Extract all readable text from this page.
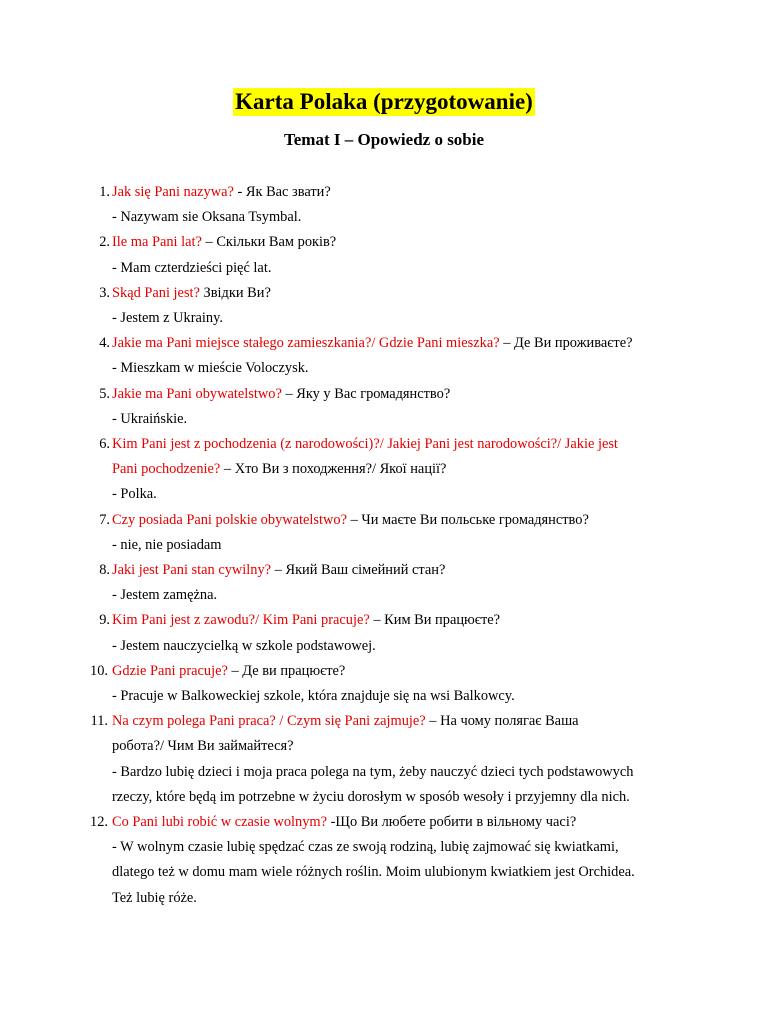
Karta Polaka (przygotowanie)
Temat I – Opowiedz o sobie
1. Jak się Pani nazywa? - Як Вас звати?
- Nazywam sie Oksana Tsymbal.
2. Ile ma Pani lat? – Скільки Вам років?
- Mam czterdzieści pięć lat.
3. Skąd Pani jest? Звідки Ви?
- Jestem z Ukrainy.
4. Jakie ma Pani miejsce stałego zamieszkania?/ Gdzie Pani mieszka? – Де Ви проживаєте?
- Mieszkam w mieście Voloczysk.
5. Jakie ma Pani obywatelstwo? – Яку у Вас громадянство?
- Ukraińskie.
6. Kim Pani jest z pochodzenia (z narodowości)?/ Jakiej Pani jest narodowości?/ Jakie jest
Pani pochodzenie? – Хто Ви з походження?/ Якої нації?
- Polka.
7. Czy posiada Pani polskie obywatelstwo? – Чи маєте Ви польське громадянство?
- nie, nie posiadam
8. Jaki jest Pani stan cywilny? – Який Ваш сімейний стан?
- Jestem zamężna.
9. Kim Pani jest z zawodu?/ Kim Pani pracuje? – Ким Ви працюєте?
- Jestem nauczycielką w szkole podstawowej.
10. Gdzie Pani pracuje? – Де ви працюєте?
- Pracuje w Balkoweckiej szkole, która znajduje się na wsi Balkowcy.
11. Na czym polega Pani praca? / Czym się Pani zajmuje? – На чому полягає Ваша
робота?/ Чим Ви займайтеся?
- Bardzo lubię dzieci i moja praca polega na tym, żeby nauczyć dzieci tych podstawowych
rzeczy, które będą im potrzebne w życiu dorosłym w sposób wesoły i przyjemny dla nich.
12. Co Pani lubi robić w czasie wolnym? -Що Ви любете робити в вільному часі?
- W wolnym czasie lubię spędzać czas ze swoją rodziną, lubię zajmować się kwiatkami,
dlatego też w domu mam wiele różnych roślin. Moim ulubionym kwiatkiem jest Orchidea.
Też lubię róże.
